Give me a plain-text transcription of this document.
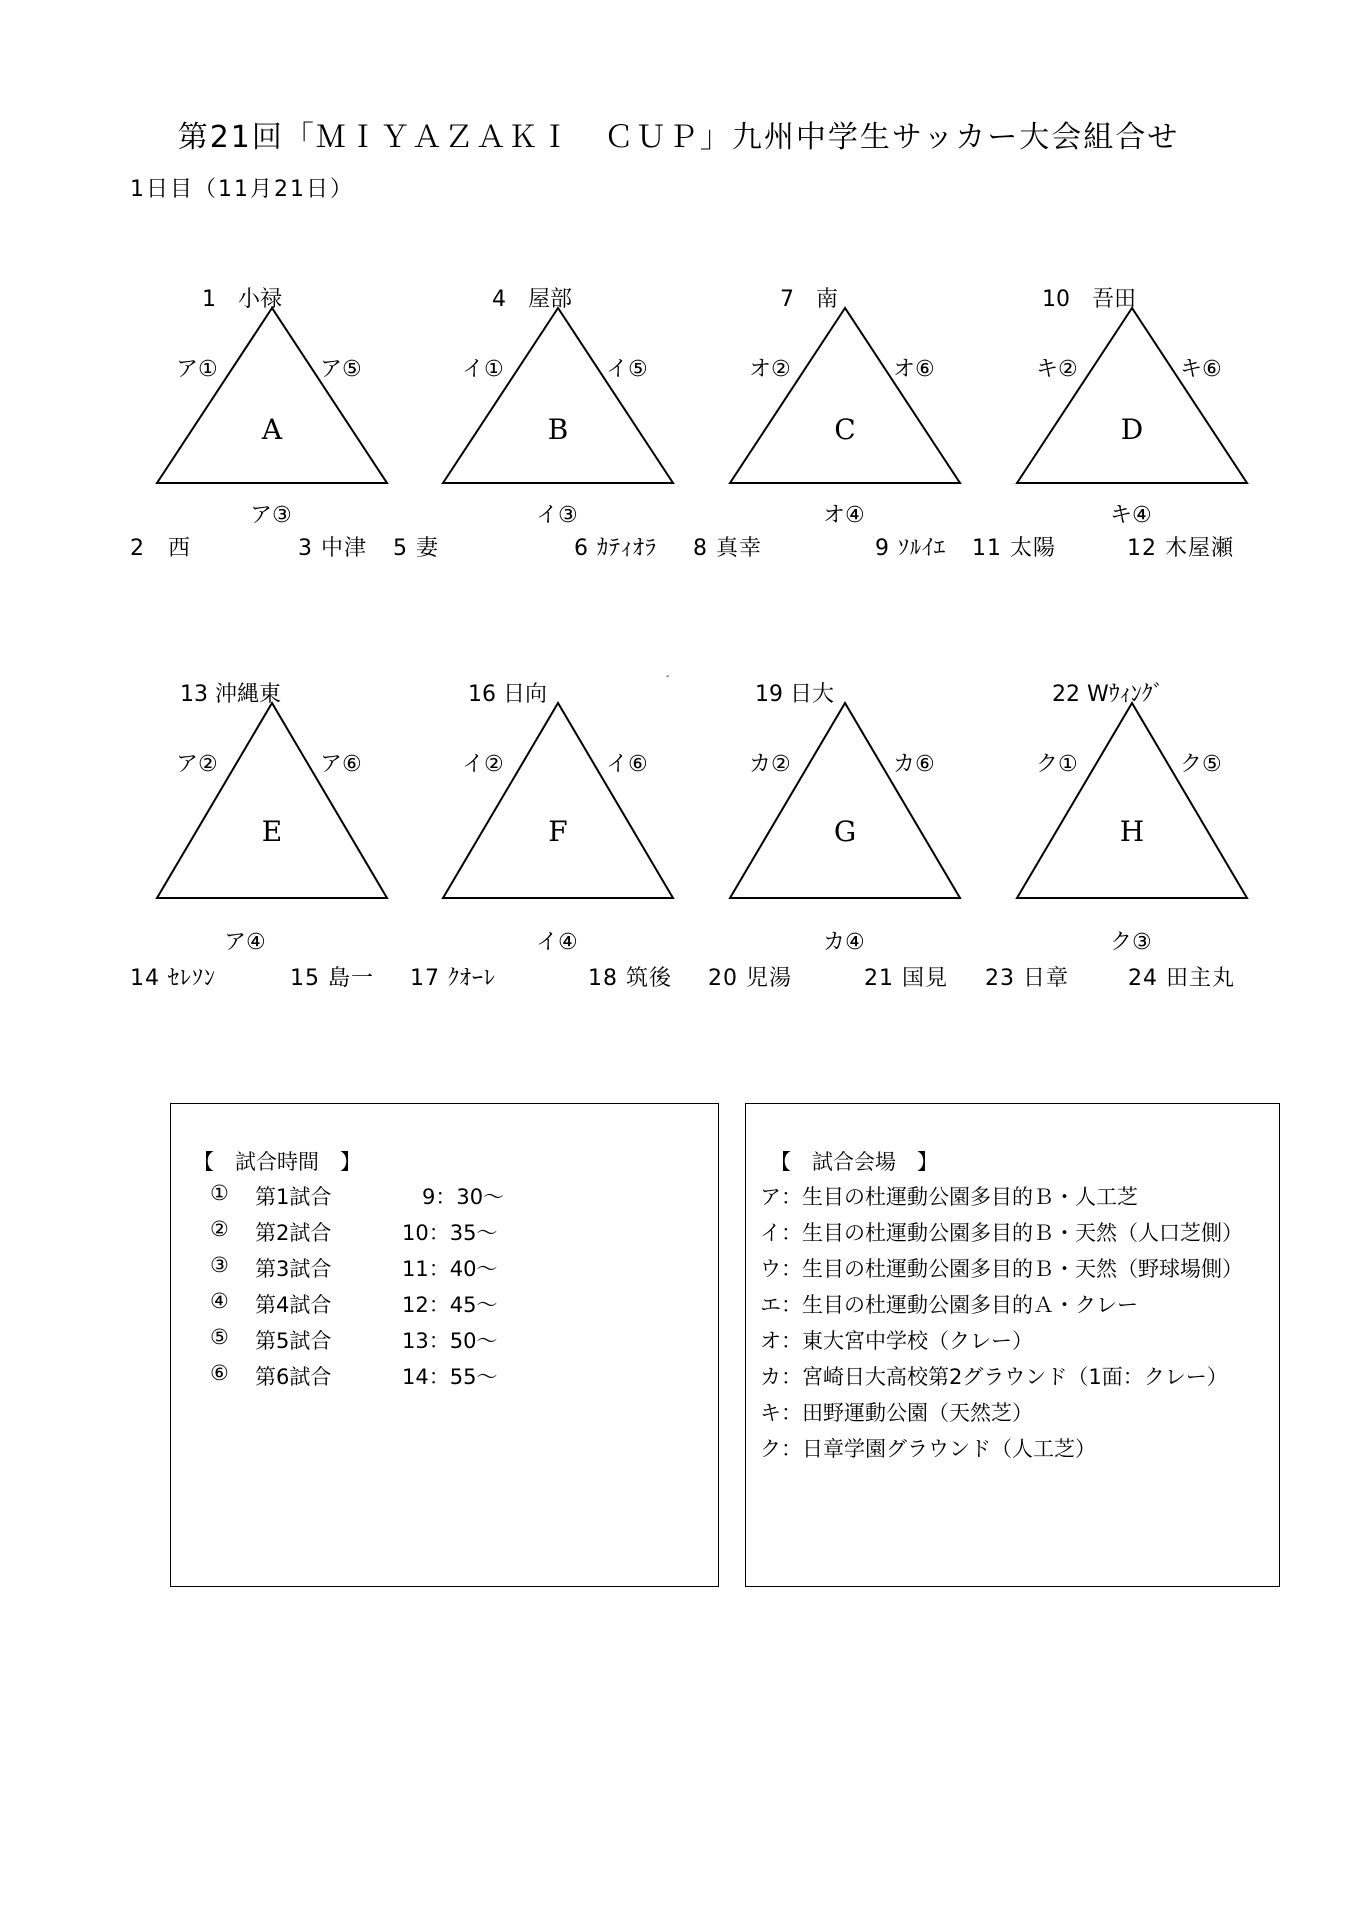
第21回「ＭＩＹＡＺＡＫＩ　ＣＵＰ」九州中学生サッカー大会組合せ
1日目（11月21日）
1　小禄
ア①	ア⑤
A
ア③
4　屋部
イ①	イ⑤
B
イ③
7　南
オ②	オ⑥
C
オ④
10　吾田
キ②	キ⑥
D
キ④
2　西	3 中津 5 妻	6 ｶﾃｨｵﾗ 8 真幸	9 ｿﾙｲｴ 11 太陽	12 木屋瀬
ﾞ
13 沖縄東
ア②	ア⑥
E
ア④
16 日向
イ②	イ⑥
F
イ④
19 日大
カ②	カ⑥
G
カ④
22 Wｳｨﾝｸﾞ
ク①	ク⑤
H
ク③
14 ｾﾚｿﾝ	15 島一 17 ｸｵｰﾚ	18 筑後 20 児湯	21 国見 23 日章	24 田主丸
【　試合時間　】
① 第1試合	9：30～
② 第2試合	10：35～
③ 第3試合	11：40～
④ 第4試合	12：45～
⑤ 第5試合	13：50～
⑥ 第6試合	14：55～
【　試合会場　】
ア：生目の杜運動公園多目的Ｂ・人工芝
イ：生目の杜運動公園多目的Ｂ・天然（人口芝側）
ウ：生目の杜運動公園多目的Ｂ・天然（野球場側）
エ：生目の杜運動公園多目的Ａ・クレー
オ：東大宮中学校（クレー）
カ：宮崎日大高校第2グラウンド（1面：クレー）
キ：田野運動公園（天然芝）
ク：日章学園グラウンド（人工芝）
